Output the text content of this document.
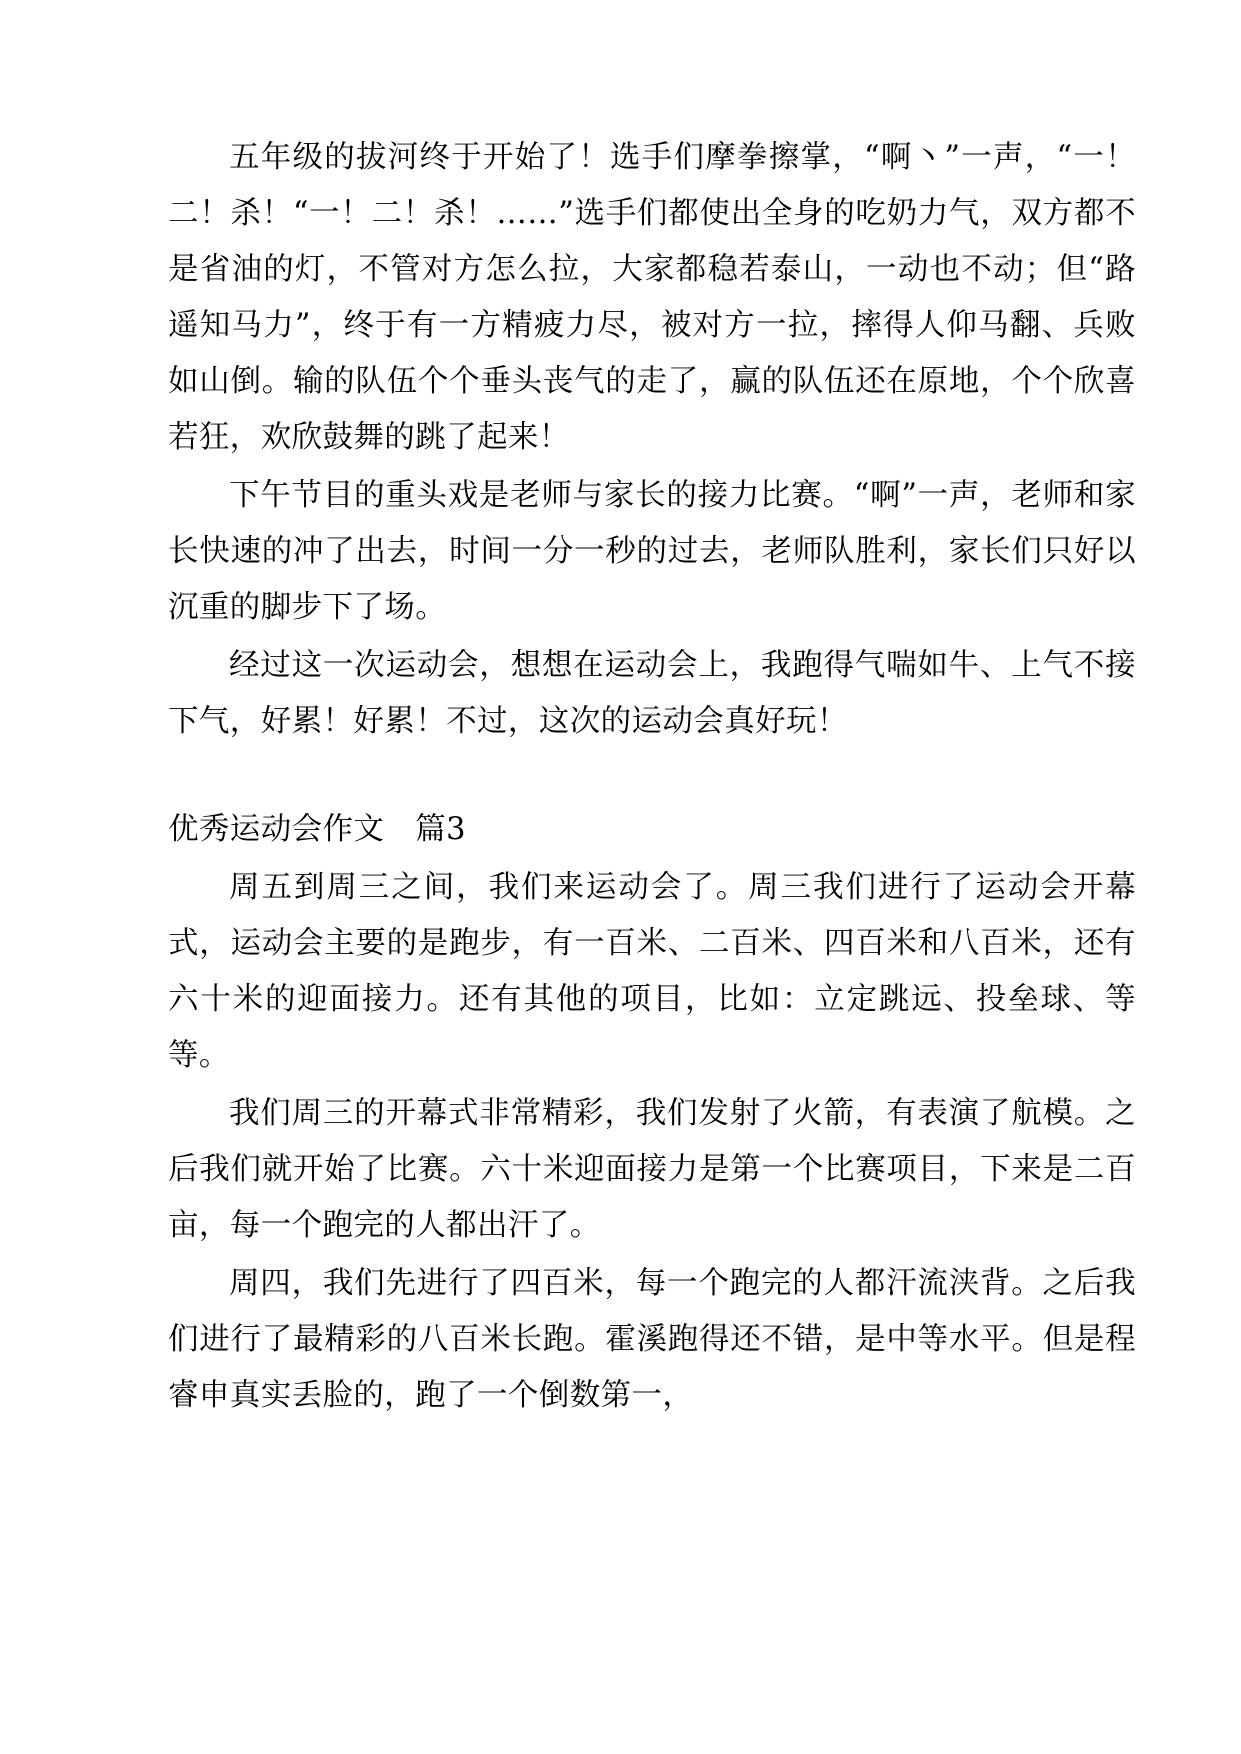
五年级的拔河终于开始了！选手们摩拳擦掌，“啊丶”一声，“一！二！杀！“一！二！杀！……”选手们都使出全身的吃奶力气，双方都不是省油的灯，不管对方怎么拉，大家都稳若泰山，一动也不动；但“路遥知马力”，终于有一方精疲力尽，被对方一拉，摔得人仰马翻、兵败如山倒。输的队伍个个垂头丧气的走了，赢的队伍还在原地，个个欣喜若狂，欢欣鼓舞的跳了起来！

下午节目的重头戏是老师与家长的接力比赛。“啊”一声，老师和家长快速的冲了出去，时间一分一秒的过去，老师队胜利，家长们只好以沉重的脚步下了场。

经过这一次运动会，想想在运动会上，我跑得气喘如牛、上气不接下气，好累！好累！不过，这次的运动会真好玩！

优秀运动会作文　篇3

周五到周三之间，我们来运动会了。周三我们进行了运动会开幕式，运动会主要的是跑步，有一百米、二百米、四百米和八百米，还有六十米的迎面接力。还有其他的项目，比如：立定跳远、投垒球、等等。

我们周三的开幕式非常精彩，我们发射了火箭，有表演了航模。之后我们就开始了比赛。六十米迎面接力是第一个比赛项目，下来是二百亩，每一个跑完的人都出汗了。

周四，我们先进行了四百米，每一个跑完的人都汗流浃背。之后我们进行了最精彩的八百米长跑。霍溪跑得还不错，是中等水平。但是程睿申真实丢脸的，跑了一个倒数第一，
